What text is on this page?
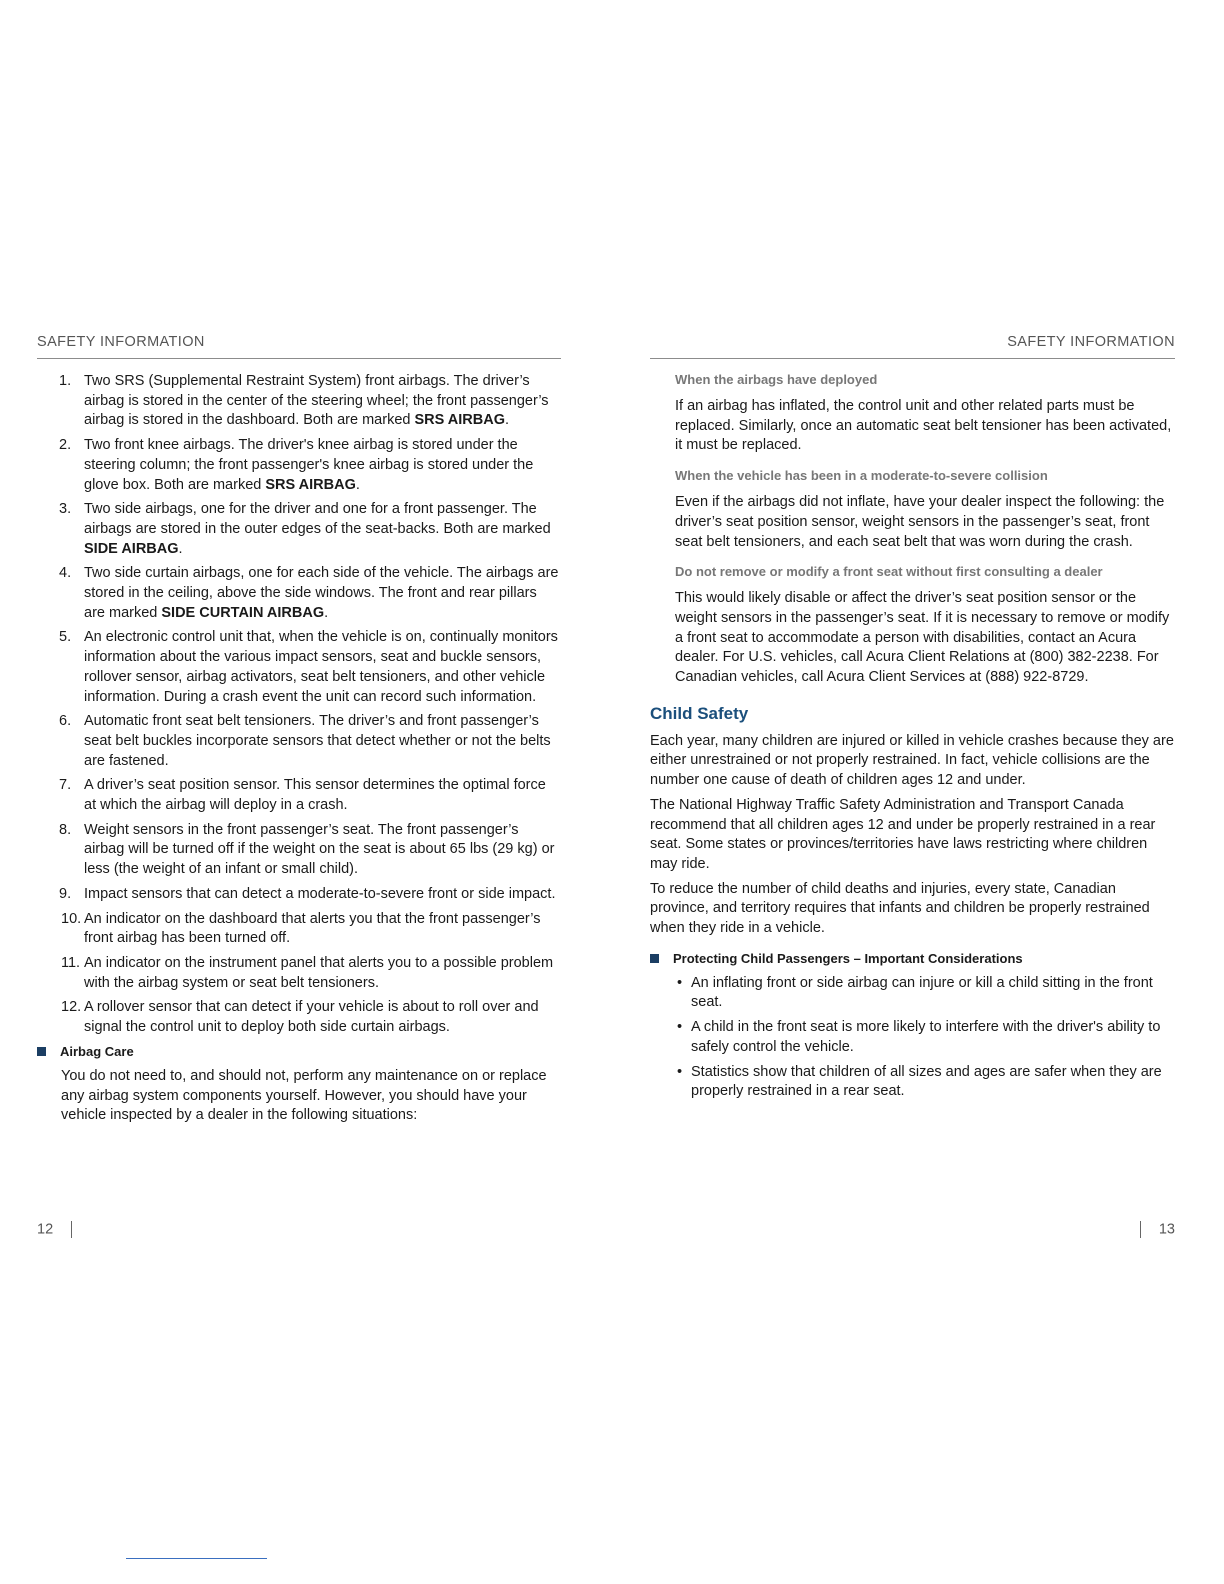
SAFETY INFORMATION
1. Two SRS (Supplemental Restraint System) front airbags. The driver’s airbag is stored in the center of the steering wheel; the front passenger’s airbag is stored in the dashboard. Both are marked SRS AIRBAG.
2. Two front knee airbags. The driver's knee airbag is stored under the steering column; the front passenger's knee airbag is stored under the glove box. Both are marked SRS AIRBAG.
3. Two side airbags, one for the driver and one for a front passenger. The airbags are stored in the outer edges of the seat-backs. Both are marked SIDE AIRBAG.
4. Two side curtain airbags, one for each side of the vehicle. The airbags are stored in the ceiling, above the side windows. The front and rear pillars are marked SIDE CURTAIN AIRBAG.
5. An electronic control unit that, when the vehicle is on, continually monitors information about the various impact sensors, seat and buckle sensors, rollover sensor, airbag activators, seat belt tensioners, and other vehicle information. During a crash event the unit can record such information.
6. Automatic front seat belt tensioners. The driver’s and front passenger’s seat belt buckles incorporate sensors that detect whether or not the belts are fastened.
7. A driver’s seat position sensor. This sensor determines the optimal force at which the airbag will deploy in a crash.
8. Weight sensors in the front passenger’s seat. The front passenger’s airbag will be turned off if the weight on the seat is about 65 lbs (29 kg) or less (the weight of an infant or small child).
9. Impact sensors that can detect a moderate-to-severe front or side impact.
10. An indicator on the dashboard that alerts you that the front passenger’s front airbag has been turned off.
11. An indicator on the instrument panel that alerts you to a possible problem with the airbag system or seat belt tensioners.
12. A rollover sensor that can detect if your vehicle is about to roll over and signal the control unit to deploy both side curtain airbags.
Airbag Care

You do not need to, and should not, perform any maintenance on or replace any airbag system components yourself. However, you should have your vehicle inspected by a dealer in the following situations:

12
SAFETY INFORMATION
When the airbags have deployed

If an airbag has inflated, the control unit and other related parts must be replaced. Similarly, once an automatic seat belt tensioner has been activated, it must be replaced.

When the vehicle has been in a moderate-to-severe collision

Even if the airbags did not inflate, have your dealer inspect the following: the driver’s seat position sensor, weight sensors in the passenger’s seat, front seat belt tensioners, and each seat belt that was worn during the crash.

Do not remove or modify a front seat without first consulting a dealer

This would likely disable or affect the driver’s seat position sensor or the weight sensors in the passenger’s seat. If it is necessary to remove or modify a front seat to accommodate a person with disabilities, contact an Acura dealer. For U.S. vehicles, call Acura Client Relations at (800) 382-2238. For Canadian vehicles, call Acura Client Services at (888) 922-8729.

Child Safety

Each year, many children are injured or killed in vehicle crashes because they are either unrestrained or not properly restrained. In fact, vehicle collisions are the number one cause of death of children ages 12 and under.

The National Highway Traffic Safety Administration and Transport Canada recommend that all children ages 12 and under be properly restrained in a rear seat. Some states or provinces/territories have laws restricting where children may ride.

To reduce the number of child deaths and injuries, every state, Canadian province, and territory requires that infants and children be properly restrained when they ride in a vehicle.

Protecting Child Passengers – Important Considerations
• An inflating front or side airbag can injure or kill a child sitting in the front seat.
• A child in the front seat is more likely to interfere with the driver's ability to safely control the vehicle.
• Statistics show that children of all sizes and ages are safer when they are properly restrained in a rear seat.
13
